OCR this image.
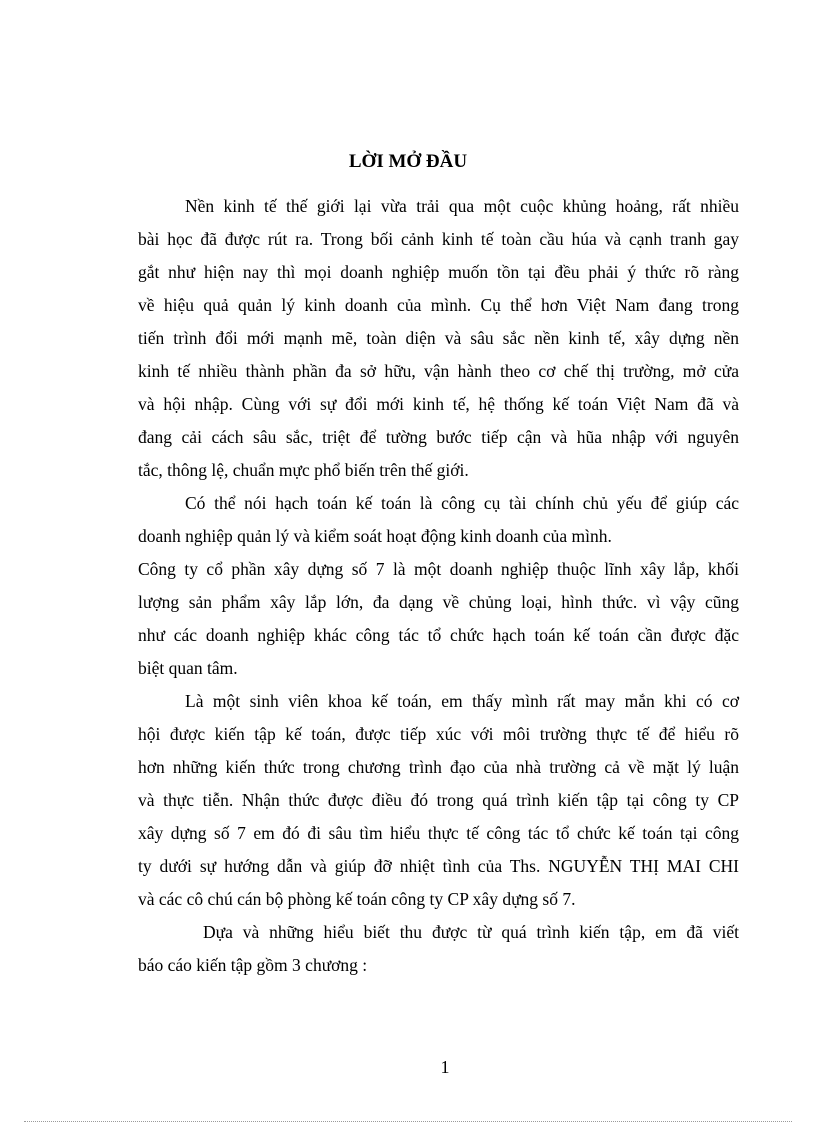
LỜI MỞ ĐẦU
Nền kinh tế thế giới lại vừa trải qua một cuộc khủng hoảng, rất nhiều
bài học đã được rút ra. Trong bối cảnh kinh tế toàn cầu húa và cạnh tranh gay
gắt như hiện nay thì mọi doanh nghiệp muốn tồn tại đều phải ý thức rõ ràng
về hiệu quả quản lý kinh doanh của mình. Cụ thể hơn Việt Nam đang trong
tiến trình đổi mới mạnh mẽ, toàn diện và sâu sắc nền kinh tế, xây dựng nền
kinh tế nhiều thành phần đa sở hữu, vận hành theo cơ chế thị trường, mở cửa
và hội nhập. Cùng với sự đổi mới kinh tế, hệ thống kế toán Việt Nam đã và
đang cải cách sâu sắc, triệt để tường bước tiếp cận và hũa nhập với nguyên
tắc, thông lệ, chuẩn mực phổ biến trên thế giới.
Có thể nói hạch toán kế toán là công cụ tài chính chủ yếu để giúp các
doanh nghiệp quản lý và kiểm soát hoạt động kinh doanh của mình.
Công ty cổ phần xây dựng số 7 là một doanh nghiệp thuộc lĩnh xây lắp, khối
lượng sản phẩm xây lắp lớn, đa dạng về chủng loại, hình thức. vì vậy cũng
như các doanh nghiệp khác công tác tổ chức hạch toán kế toán cần được đặc
biệt quan tâm.
Là một sinh viên khoa kế toán, em thấy mình rất may mắn khi có cơ
hội được kiến tập kế toán, được tiếp xúc với môi trường thực tế để hiểu rõ
hơn những kiến thức trong chương trình đạo của nhà trường cả về mặt lý luận
và thực tiễn. Nhận thức được điều đó trong quá trình kiến tập tại công ty CP
xây dựng số 7 em đó đi sâu tìm hiểu thực tế công tác tổ chức kế toán tại công
ty dưới sự hướng dẫn và giúp đỡ nhiệt tình của Ths. NGUYỄN THỊ MAI CHI
và các cô chú cán bộ phòng kế toán công ty CP xây dựng số 7.
Dựa và những hiểu biết thu được từ quá trình kiến tập, em đã viết
báo cáo kiến tập gồm 3 chương :
1
